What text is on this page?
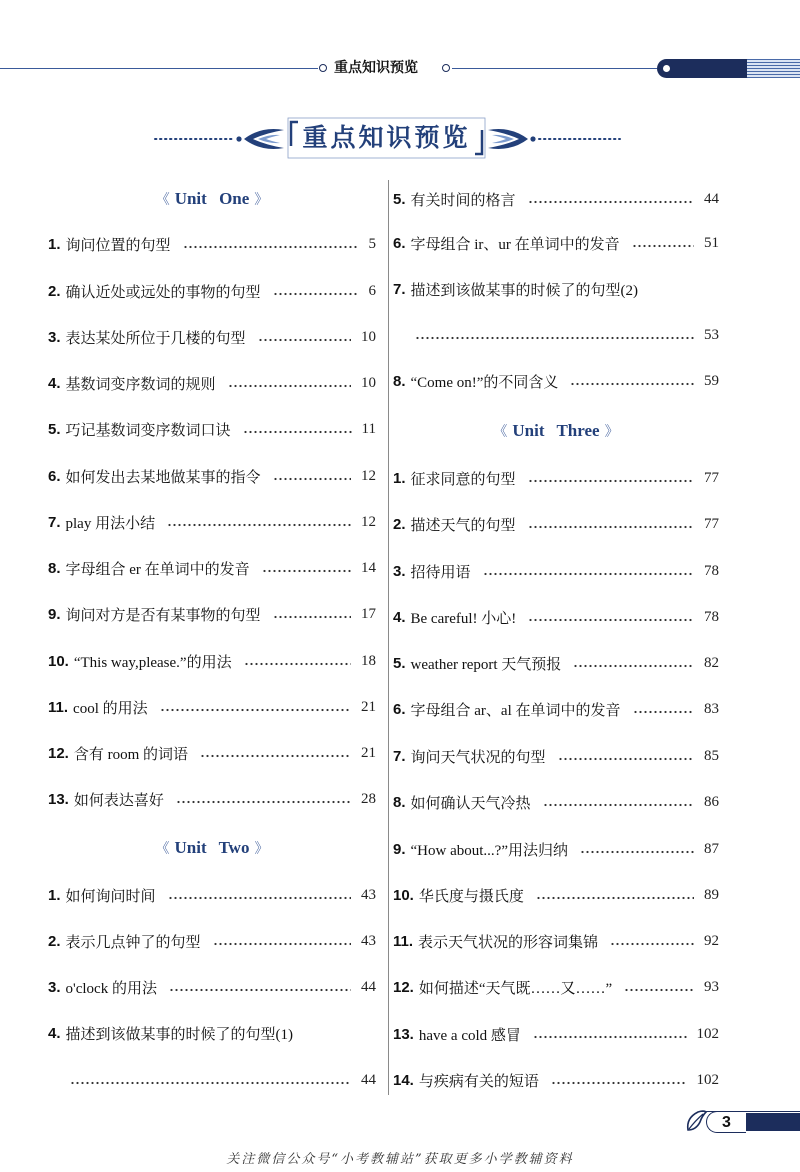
重点知识预览
重点知识预览
《 Unit One 》
1. 询问位置的句型	5
2. 确认近处或远处的事物的句型	6
3. 表达某处所位于几楼的句型	10
4. 基数词变序数词的规则	10
5. 巧记基数词变序数词口诀	11
6. 如何发出去某地做某事的指令	12
7. play 用法小结	12
8. 字母组合 er 在单词中的发音	14
9. 询问对方是否有某事物的句型	17
10. “This way,please.”的用法	18
11. cool 的用法	21
12. 含有 room 的词语	21
13. 如何表达喜好	28
《 Unit Two 》
1. 如何询问时间	43
2. 表示几点钟了的句型	43
3. o'clock 的用法	44
4. 描述到该做某事的时候了的句型(1)
44
5. 有关时间的格言	44
6. 字母组合 ir、ur 在单词中的发音	51
7. 描述到该做某事的时候了的句型(2)
53
8. “Come on!”的不同含义	59
《 Unit Three 》
1. 征求同意的句型	77
2. 描述天气的句型	77
3. 招待用语	78
4. Be careful! 小心!	78
5. weather report 天气预报	82
6. 字母组合 ar、al 在单词中的发音	83
7. 询问天气状况的句型	85
8. 如何确认天气冷热	86
9. “How about...?”用法归纳	87
10. 华氏度与摄氏度	89
11. 表示天气状况的形容词集锦	92
12. 如何描述“天气既……又……”	93
13. have a cold 感冒	102
14. 与疾病有关的短语	102
3
关注微信公众号“小考教辅站”获取更多小学教辅资料
